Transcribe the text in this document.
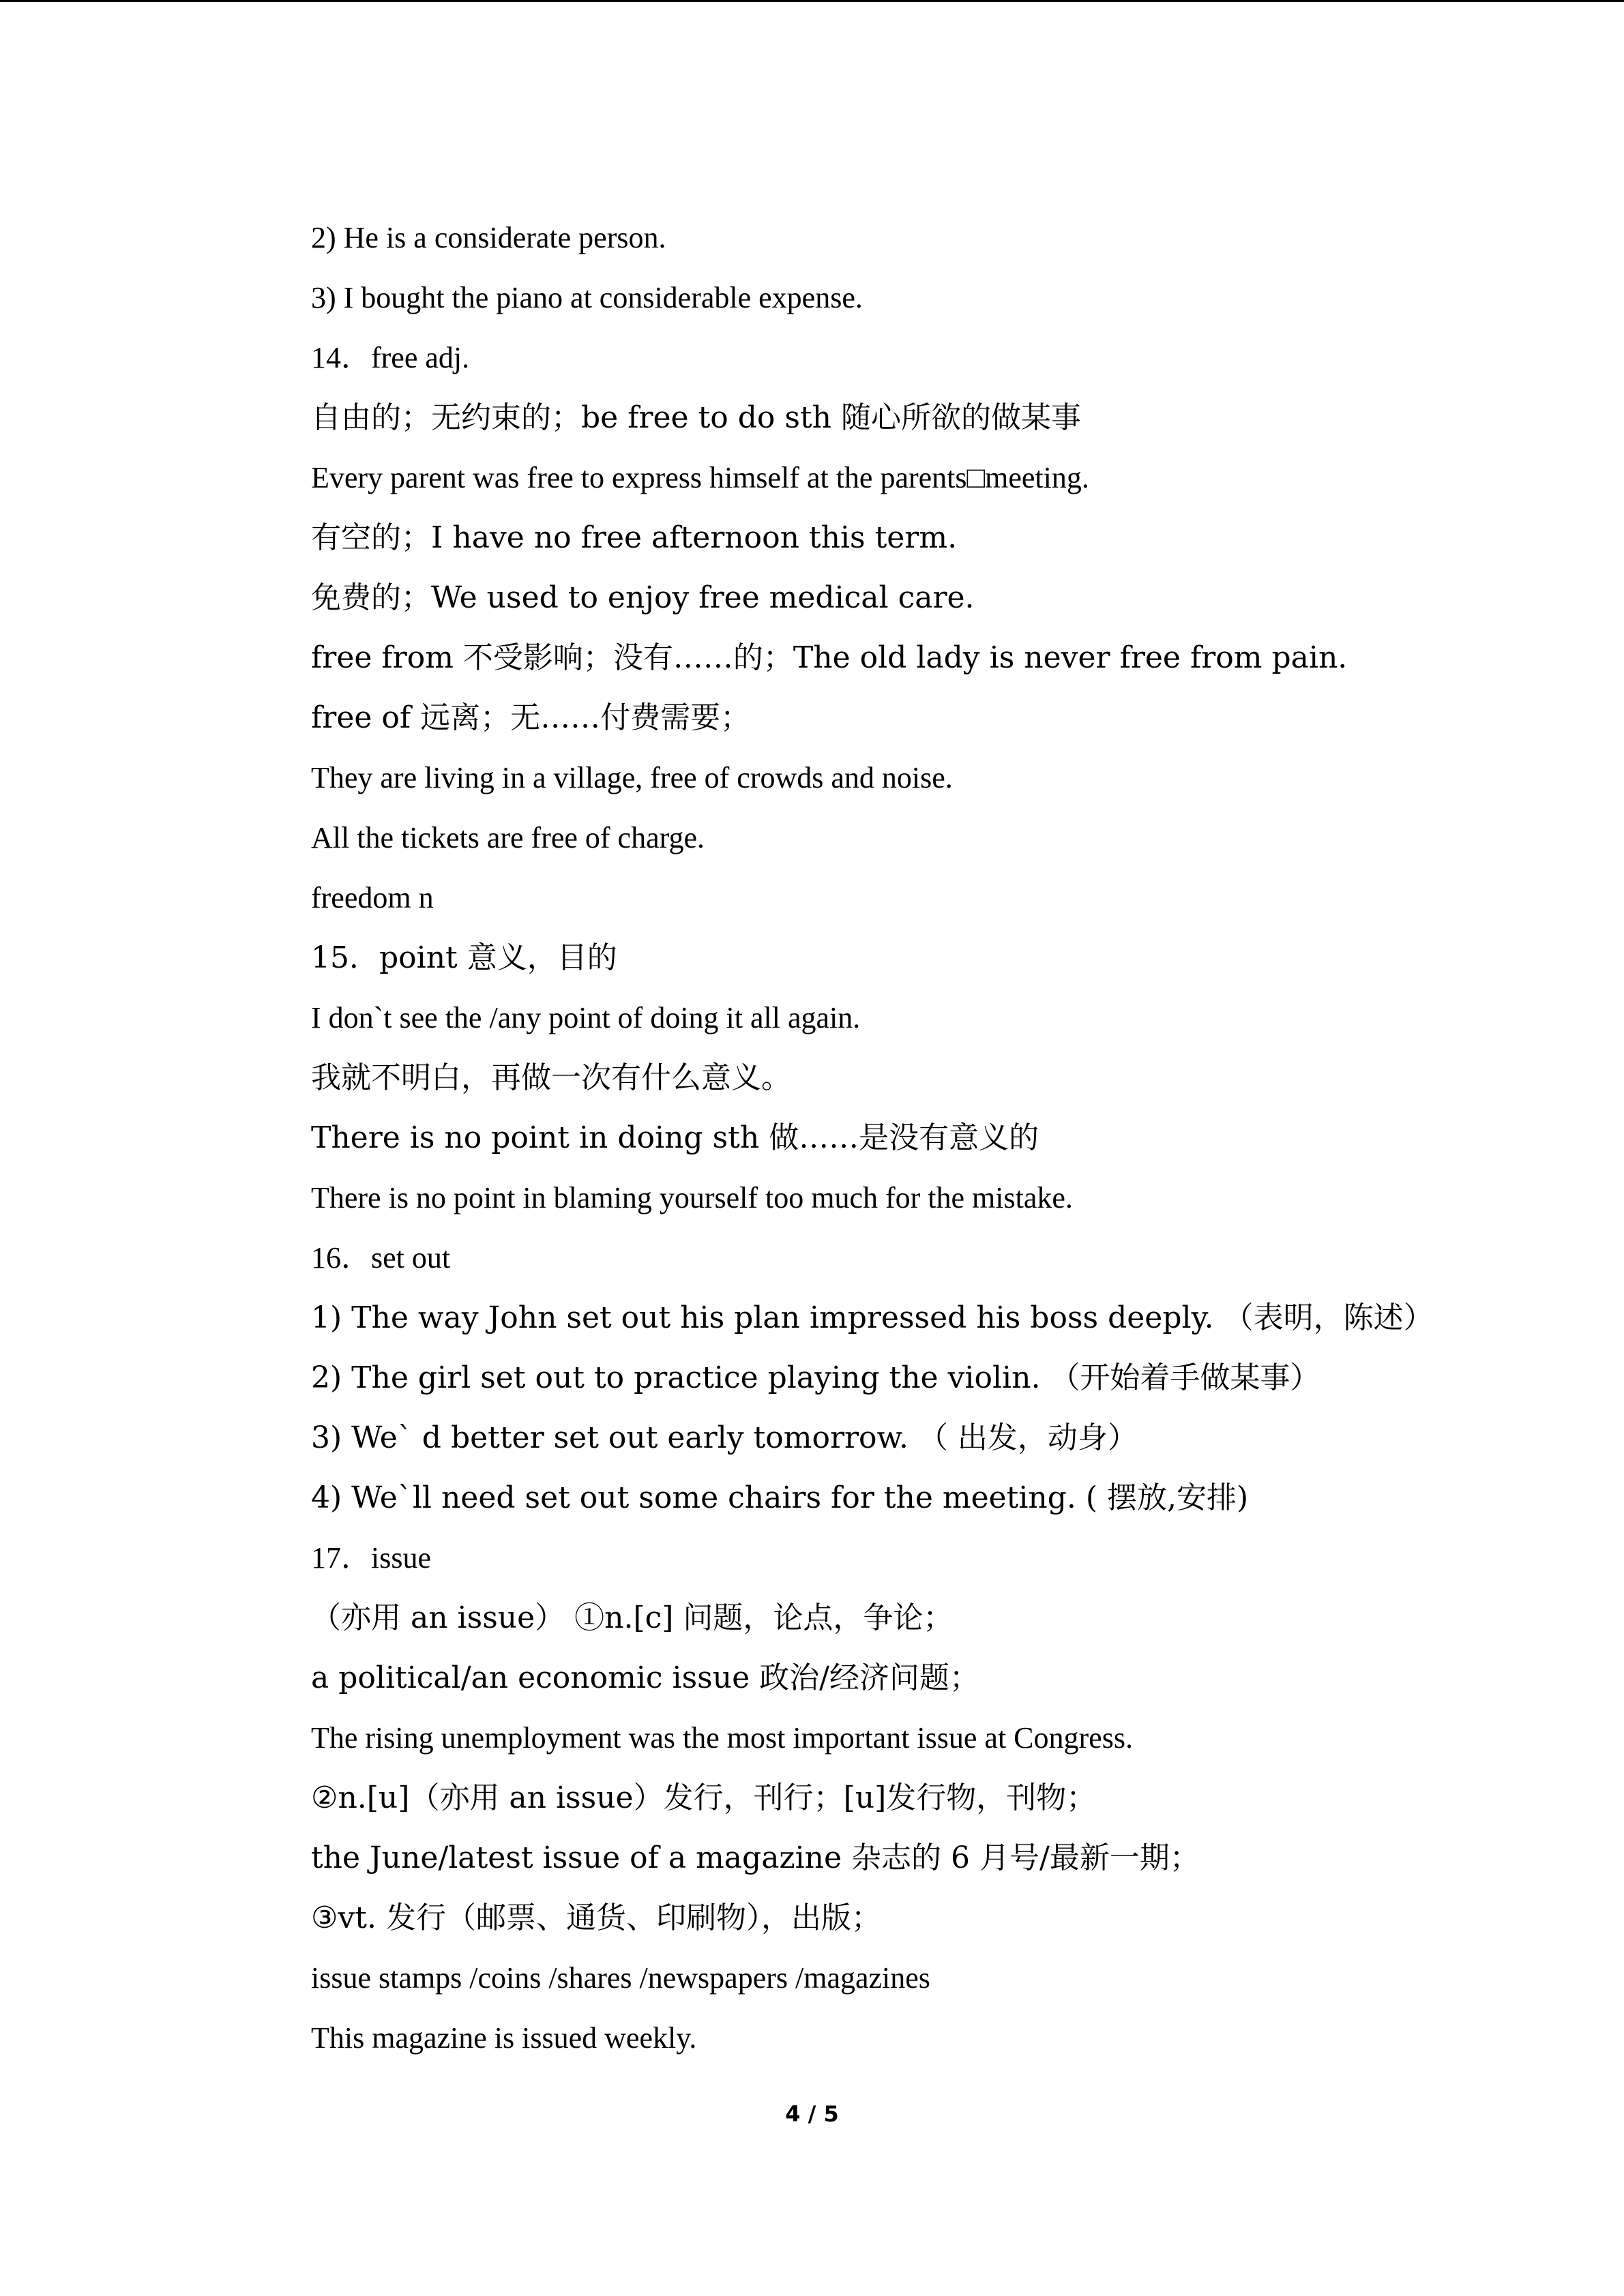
2) He is a considerate person.
3) I bought the piano at considerable expense.
14．free adj.
自由的；无约束的；be free to do sth 随心所欲的做某事
Every parent was free to express himself at the parents□meeting.
有空的；I have no free afternoon this term.
免费的；We used to enjoy free medical care.
free from 不受影响；没有……的；The old lady is never free from pain.
free of 远离；无……付费需要；
They are living in a village, free of crowds and noise.
All the tickets are free of charge.
freedom n
15．point 意义，目的
I don`t see the /any point of doing it all again.
我就不明白，再做一次有什么意义。
There is no point in doing sth 做……是没有意义的
There is no point in blaming yourself too much for the mistake.
16．set out
1) The way John set out his plan impressed his boss deeply. （表明，陈述）
2) The girl set out to practice playing the violin. （开始着手做某事）
3) We` d better set out early tomorrow. （ 出发，动身）
4) We`ll need set out some chairs for the meeting. ( 摆放,安排)
17．issue
（亦用 an issue） ①n.[c] 问题，论点，争论；
a political/an economic issue 政治/经济问题；
The rising unemployment was the most important issue at Congress.
②n.[u]（亦用 an issue）发行，刊行；[u]发行物，刊物；
the June/latest issue of a magazine 杂志的 6 月号/最新一期；
③vt. 发行（邮票、通货、印刷物），出版；
issue stamps /coins /shares /newspapers /magazines
This magazine is issued weekly.
4 / 5
